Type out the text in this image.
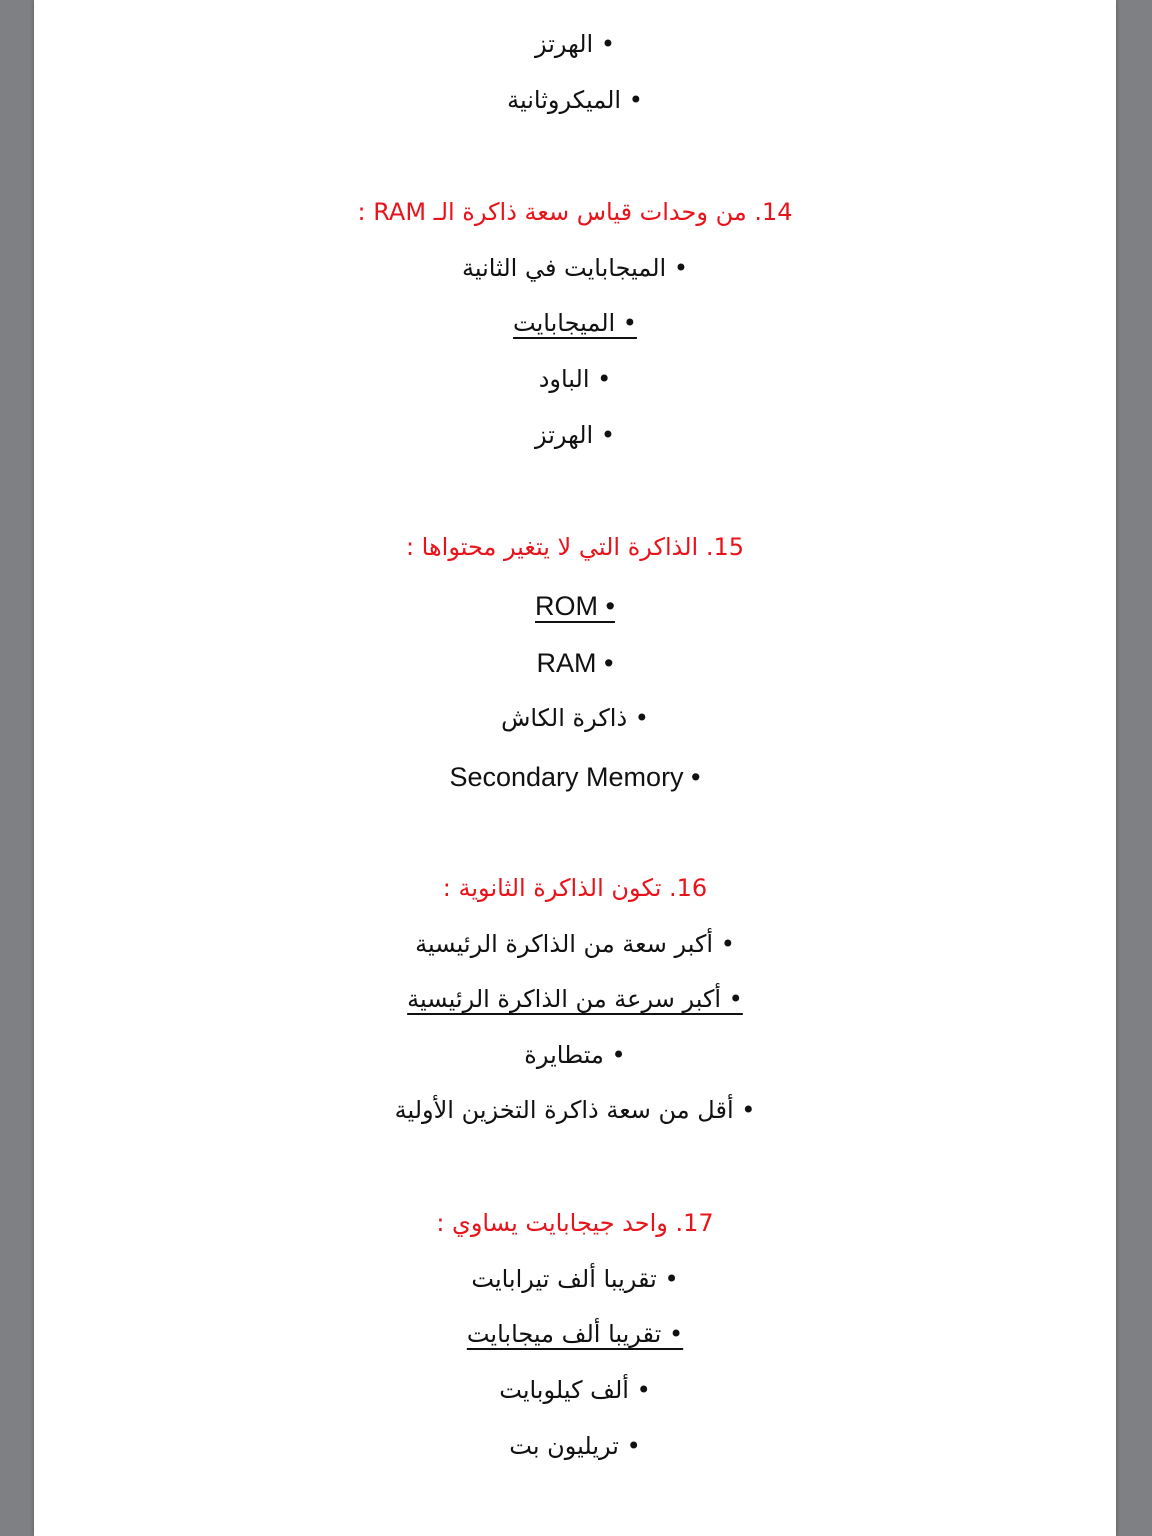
• الهرتز
• الميكروثانية
14. من وحدات قياس سعة ذاكرة الـ RAM :
• الميجابايت في الثانية
• الميجابايت
• الباود
• الهرتز
15. الذاكرة التي لا يتغير محتواها :
ROM •
RAM •
• ذاكرة الكاش
Secondary Memory •
16. تكون الذاكرة الثانوية :
• أكبر سعة من الذاكرة الرئيسية
• أكبر سرعة من الذاكرة الرئيسية
• متطايرة
• أقل من سعة ذاكرة التخزين الأولية
17. واحد جيجابايت يساوي :
• تقريبا ألف تيرابايت
• تقريبا ألف ميجابايت
• ألف كيلوبايت
• تريليون بت
